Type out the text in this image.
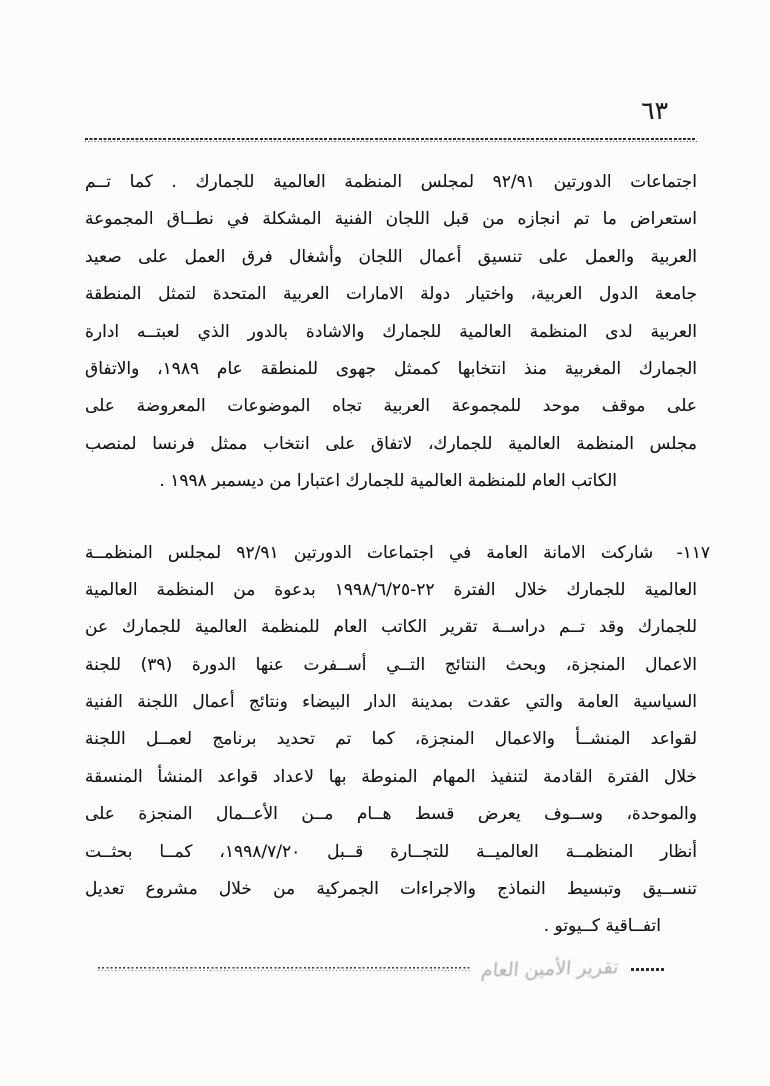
٦٣
اجتماعات الدورتين ٩٢/٩١ لمجلس المنظمة العالمية للجمارك . كما تــم
استعراض ما تم انجازه من قبل اللجان الفنية المشكلة في نطــاق المجموعة
العربية والعمل على تنسيق أعمال اللجان وأشغال فرق العمل على صعيد
جامعة الدول العربية، واختيار دولة الامارات العربية المتحدة لتمثل المنطقة
العربية لدى المنظمة العالمية للجمارك والاشادة بالدور الذي لعبتــه ادارة
الجمارك المغربية منذ انتخابها كممثل جهوى للمنطقة عام ١٩٨٩، والاتفاق
على موقف موحد للمجموعة العربية تجاه الموضوعات المعروضة على
مجلس المنظمة العالمية للجمارك، لاتفاق على انتخاب ممثل فرنسا لمنصب
الكاتب العام للمنظمة العالمية للجمارك اعتبارا من ديسمبر ١٩٩٨ .
١١٧- شاركت الامانة العامة في اجتماعات الدورتين ٩٢/٩١ لمجلس المنظمــة
العالمية للجمارك خلال الفترة ٢٢-١٩٩٨/٦/٢٥ بدعوة من المنظمة العالمية
للجمارك وقد تــم دراســة تقرير الكاتب العام للمنظمة العالمية للجمارك عن
الاعمال المنجزة، وبحث النتائج التــي أســفرت عنها الدورة (٣٩) للجنة
السياسية العامة والتي عقدت بمدينة الدار البيضاء ونتائج أعمال اللجنة الفنية
لقواعد المنشــأ والاعمال المنجزة، كما تم تحديد برنامج لعمــل اللجنة
خلال الفترة القادمة لتنفيذ المهام المنوطة بها لاعداد قواعد المنشأ المنسقة
والموحدة، وســوف يعرض قسط هــام مــن الأعــمال المنجزة على
أنظار المنظمــة العالميــة للتجــارة قــبل ١٩٩٨/٧/٢٠، كمــا بحثــت
تنســيق وتبسيط النماذج والاجراءات الجمركية من خلال مشروع تعديل
اتفــاقية كــيوتو .
تقرير الأمين العام
